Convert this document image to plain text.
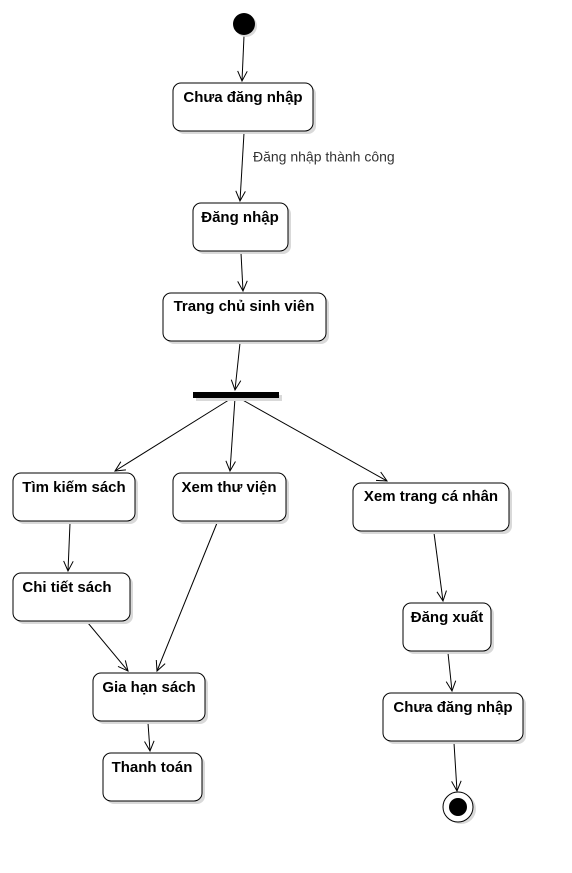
Chưa đăng nhập
Đăng nhập
Trang chủ sinh viên
Tìm kiếm sách	Xem thư viện
Xem trang cá nhân
Chi tiết sách
Đăng xuất
Gia hạn sách
Chưa đăng nhập
Thanh toán
Đăng nhập thành công
